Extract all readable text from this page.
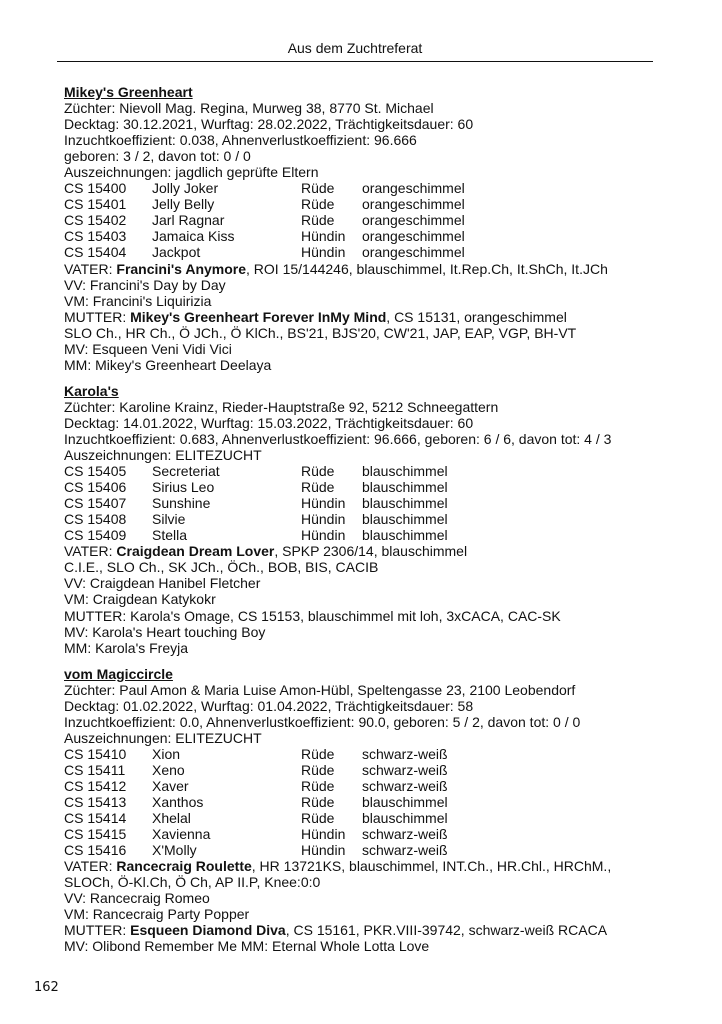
Aus dem Zuchtreferat
Mikey's Greenheart
Züchter: Nievoll Mag. Regina, Murweg 38, 8770 St. Michael
Decktag: 30.12.2021, Wurftag: 28.02.2022, Trächtigkeitsdauer: 60
Inzuchtkoeffizient: 0.038, Ahnenverlustkoeffizient: 96.666
geboren: 3 / 2, davon tot: 0 / 0
Auszeichnungen: jagdlich geprüfte Eltern
CS 15400	Jolly Joker	Rüde	orangeschimmel
CS 15401	Jelly Belly	Rüde	orangeschimmel
CS 15402	Jarl Ragnar	Rüde	orangeschimmel
CS 15403	Jamaica Kiss	Hündin	orangeschimmel
CS 15404	Jackpot	Hündin	orangeschimmel
VATER: Francini's Anymore, ROI 15/144246, blauschimmel, It.Rep.Ch, It.ShCh, It.JCh
VV: Francini's Day by Day
VM: Francini's Liquirizia
MUTTER: Mikey's Greenheart Forever InMy Mind, CS 15131, orangeschimmel
SLO Ch., HR Ch., Ö JCh., Ö KlCh., BS'21, BJS'20, CW'21, JAP, EAP, VGP, BH-VT
MV: Esqueen Veni Vidi Vici
MM: Mikey's Greenheart Deelaya
Karola's
Züchter: Karoline Krainz, Rieder-Hauptstraße 92, 5212 Schneegattern
Decktag: 14.01.2022, Wurftag: 15.03.2022, Trächtigkeitsdauer: 60
Inzuchtkoeffizient: 0.683, Ahnenverlustkoeffizient: 96.666, geboren: 6 / 6, davon tot: 4 / 3
Auszeichnungen: ELITEZUCHT
CS 15405	Secreteriat	Rüde	blauschimmel
CS 15406	Sirius Leo	Rüde	blauschimmel
CS 15407	Sunshine	Hündin	blauschimmel
CS 15408	Silvie	Hündin	blauschimmel
CS 15409	Stella	Hündin	blauschimmel
VATER: Craigdean Dream Lover, SPKP 2306/14, blauschimmel
C.I.E., SLO Ch., SK JCh., ÖCh., BOB, BIS, CACIB
VV: Craigdean Hanibel Fletcher
VM: Craigdean Katykokr
MUTTER: Karola's Omage, CS 15153, blauschimmel mit loh, 3xCACA, CAC-SK
MV: Karola's Heart touching Boy
MM: Karola's Freyja
vom Magiccircle
Züchter: Paul Amon & Maria Luise Amon-Hübl, Speltengasse 23, 2100 Leobendorf
Decktag: 01.02.2022, Wurftag: 01.04.2022, Trächtigkeitsdauer: 58
Inzuchtkoeffizient: 0.0, Ahnenverlustkoeffizient: 90.0, geboren: 5 / 2, davon tot: 0 / 0
Auszeichnungen: ELITEZUCHT
CS 15410	Xion	Rüde	schwarz-weiß
CS 15411	Xeno	Rüde	schwarz-weiß
CS 15412	Xaver	Rüde	schwarz-weiß
CS 15413	Xanthos	Rüde	blauschimmel
CS 15414	Xhelal	Rüde	blauschimmel
CS 15415	Xavienna	Hündin	schwarz-weiß
CS 15416	X'Molly	Hündin	schwarz-weiß
VATER: Rancecraig Roulette, HR 13721KS, blauschimmel, INT.Ch., HR.Chl., HRChM.,
SLOCh, Ö-Kl.Ch, Ö Ch, AP II.P, Knee:0:0
VV: Rancecraig Romeo
VM: Rancecraig Party Popper
MUTTER: Esqueen Diamond Diva, CS 15161, PKR.VIII-39742, schwarz-weiß RCACA
MV: Olibond Remember Me MM: Eternal Whole Lotta Love
162
